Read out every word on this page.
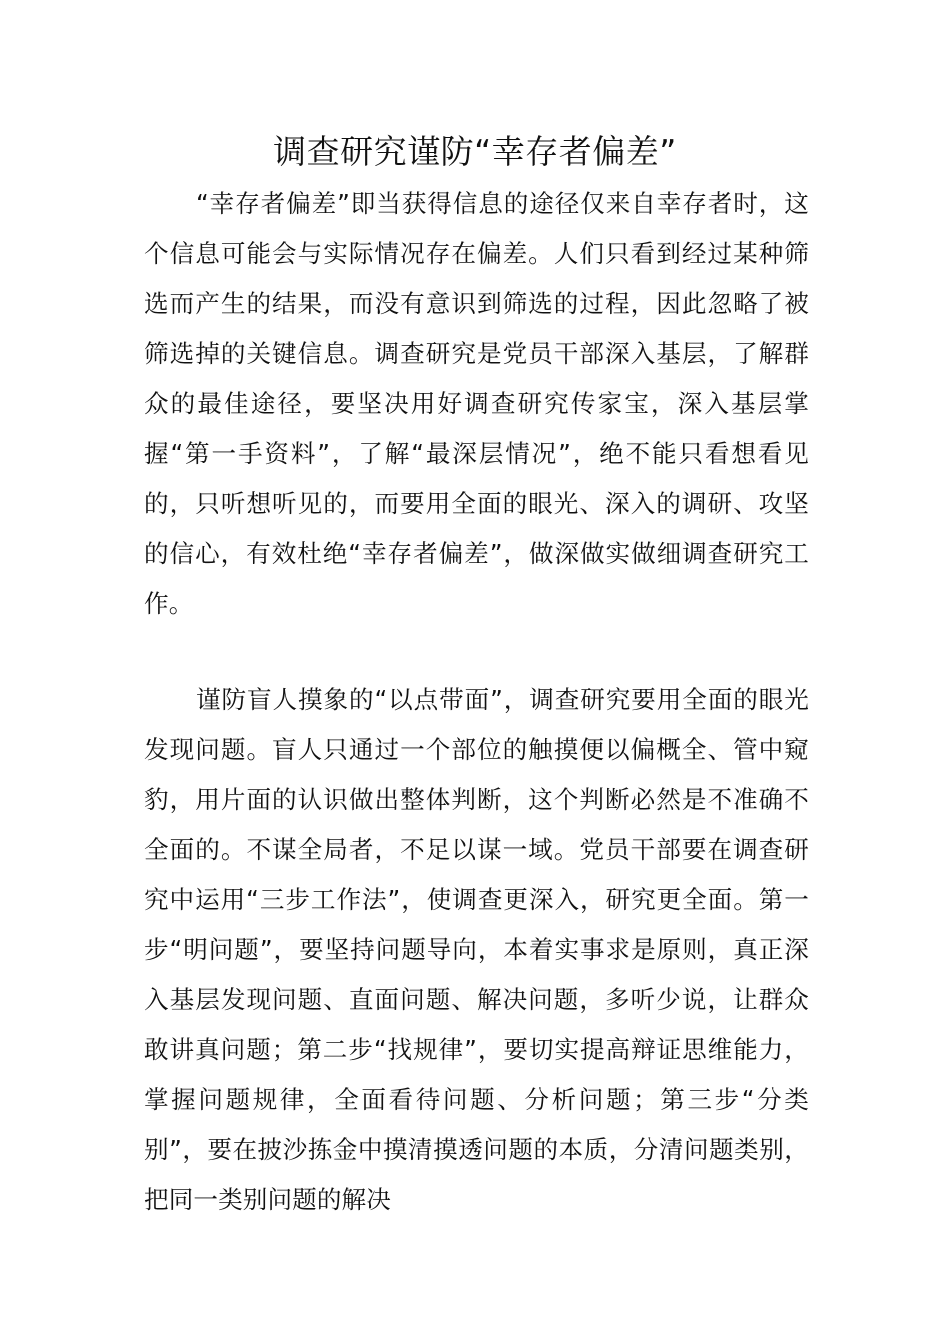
调查研究谨防“幸存者偏差”

“幸存者偏差”即当获得信息的途径仅来自幸存者时，这个信息可能会与实际情况存在偏差。人们只看到经过某种筛选而产生的结果，而没有意识到筛选的过程，因此忽略了被筛选掉的关键信息。调查研究是党员干部深入基层，了解群众的最佳途径，要坚决用好调查研究传家宝，深入基层掌握“第一手资料”，了解“最深层情况”，绝不能只看想看见的，只听想听见的，而要用全面的眼光、深入的调研、攻坚的信心，有效杜绝“幸存者偏差”，做深做实做细调查研究工作。

谨防盲人摸象的“以点带面”，调查研究要用全面的眼光发现问题。盲人只通过一个部位的触摸便以偏概全、管中窥豹，用片面的认识做出整体判断，这个判断必然是不准确不全面的。不谋全局者，不足以谋一域。党员干部要在调查研究中运用“三步工作法”，使调查更深入，研究更全面。第一步“明问题”，要坚持问题导向，本着实事求是原则，真正深入基层发现问题、直面问题、解决问题，多听少说，让群众敢讲真问题；第二步“找规律”，要切实提高辩证思维能力，掌握问题规律，全面看待问题、分析问题；第三步“分类别”，要在披沙拣金中摸清摸透问题的本质，分清问题类别，把同一类别问题的解决
